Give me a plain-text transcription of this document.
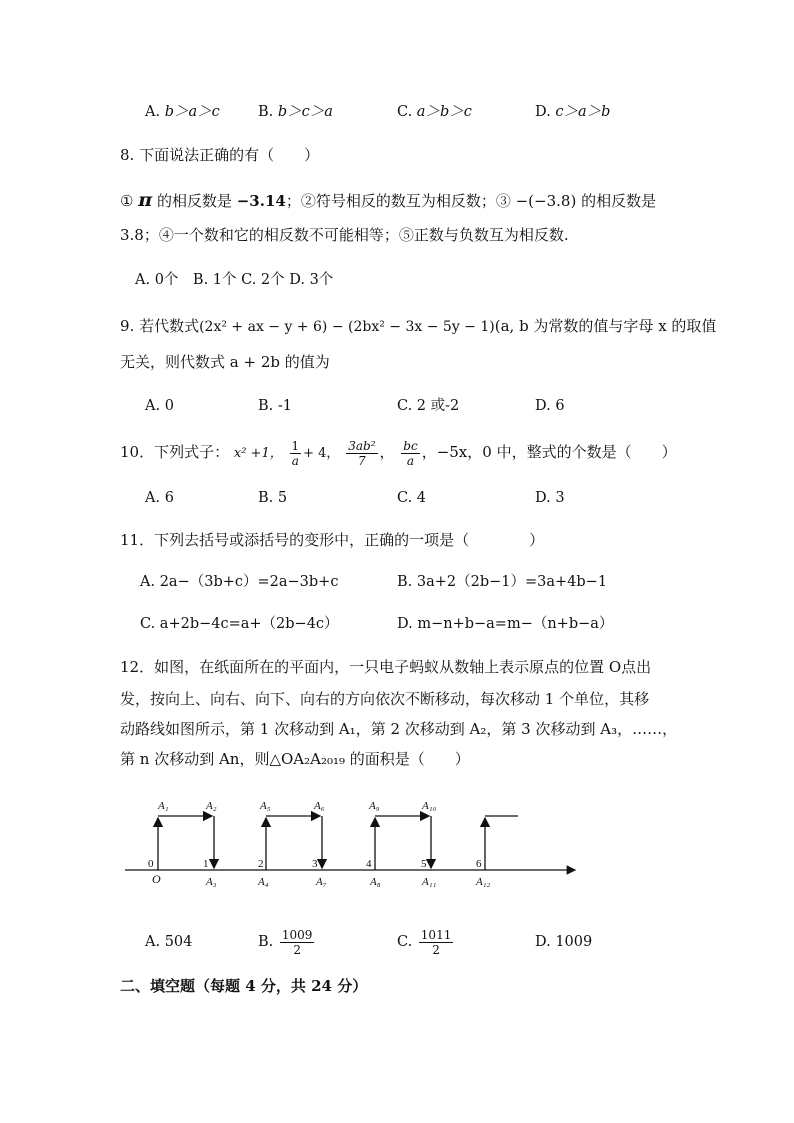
A. b＞a＞c	B. b＞c＞a	C. a＞b＞c	D. c＞a＞b
8. 下面说法正确的有（　　）
① π 的相反数是 −3.14；②符号相反的数互为相反数；③ −(−3.8) 的相反数是
3.8；④一个数和它的相反数不可能相等；⑤正数与负数互为相反数.
A. 0个　B. 1个 C. 2个 D. 3个
9. 若代数式(2x² + ax − y + 6) − (2bx² − 3x − 5y − 1)(a, b 为常数的值与字母 x 的取值
无关，则代数式 a + 2b 的值为
A. 0	B. -1	C. 2 或-2	D. 6
10．下列式子： x² +1， $\frac{1}{a} + 4$， $\frac{\text{3ab²}}{7}$ ， $\frac{bc}{a}$ ，−5x，0 中，整式的个数是（　　）
A. 6	B. 5	C. 4	D. 3
11．下列去括号或添括号的变形中，正确的一项是（　　　　）
A. 2a−（3b+c）=2a−3b+c	B. 3a+2（2b−1）=3a+4b−1
C. a+2b−4c=a+（2b−4c）	D. m−n+b−a=m−（n+b−a）
12．如图，在纸面所在的平面内，一只电子蚂蚁从数轴上表示原点的位置 O点出
发，按向上、向右、向下、向右的方向依次不断移动，每次移动 1 个单位，其移
动路线如图所示，第 1 次移动到 A₁，第 2 次移动到 A₂，第 3 次移动到 A₃，……，
第 n 次移动到 An，则△OA₂A₂₀₁₉ 的面积是（　　）
0	1	2	3	4	5	6
O
A₁	A₂	A₅	A₆	A₉	A₁₀
A₃	A₄	A₇	A₈	A₁₁	A₁₂
A. 504	B. $\frac{1009}{2}$	C. $\frac{1011}{2}$	D. 1009
二、填空题（每题 4 分，共 24 分）
